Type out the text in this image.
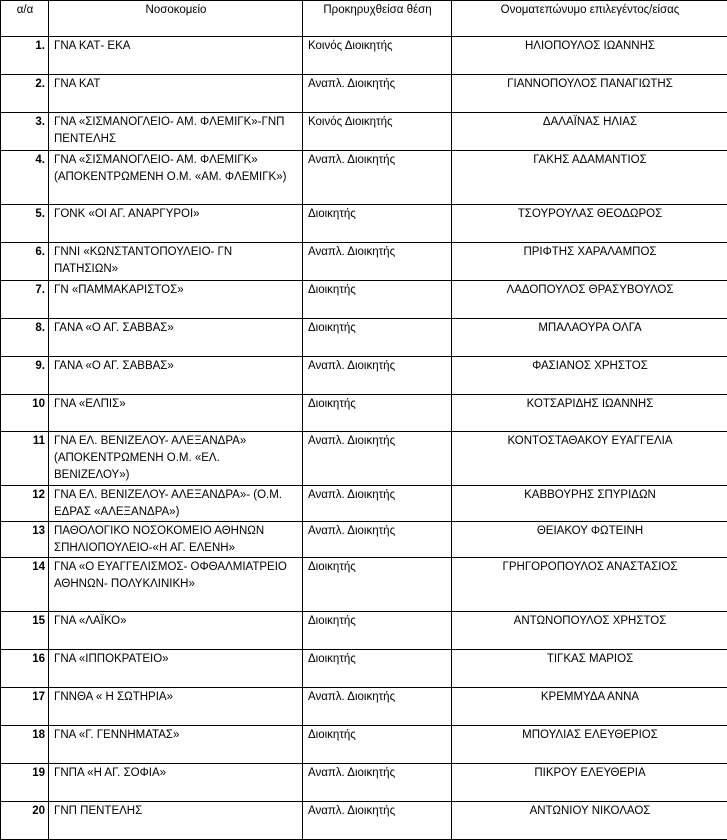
α/α	Νοσοκομείο	Προκηρυχθείσα θέση	Ονοματεπώνυμο επιλεγέντος/είσας
1.	ΓΝΑ ΚΑΤ- ΕΚΑ	Κοινός Διοικητής	ΗΛΙΟΠΟΥΛΟΣ ΙΩΑΝΝΗΣ
2.	ΓΝΑ ΚΑΤ	Αναπλ. Διοικητής	ΓΙΑΝΝΟΠΟΥΛΟΣ ΠΑΝΑΓΙΩΤΗΣ
3.	ΓΝΑ «ΣΙΣΜΑΝΟΓΛΕΙΟ- ΑΜ. ΦΛΕΜΙΓΚ»-ΓΝΠ ΠΕΝΤΕΛΗΣ	Κοινός Διοικητής	ΔΑΛΑΪΝΑΣ ΗΛΙΑΣ
4.	ΓΝΑ «ΣΙΣΜΑΝΟΓΛΕΙΟ- ΑΜ. ΦΛΕΜΙΓΚ» (ΑΠΟΚΕΝΤΡΩΜΕΝΗ Ο.Μ. «ΑΜ. ΦΛΕΜΙΓΚ»)	Αναπλ. Διοικητής	ΓΑΚΗΣ ΑΔΑΜΑΝΤΙΟΣ
5.	ΓΟΝΚ «ΟΙ ΑΓ. ΑΝΑΡΓΥΡΟΙ»	Διοικητής	ΤΣΟΥΡΟΥΛΑΣ ΘΕΟΔΩΡΟΣ
6.	ΓΝΝΙ «ΚΩΝΣΤΑΝΤΟΠΟΥΛΕΙΟ- ΓΝ ΠΑΤΗΣΙΩΝ»	Αναπλ. Διοικητής	ΠΡΙΦΤΗΣ ΧΑΡΑΛΑΜΠΟΣ
7.	ΓΝ «ΠΑΜΜΑΚΑΡΙΣΤΟΣ»	Διοικητής	ΛΑΔΟΠΟΥΛΟΣ ΘΡΑΣΥΒΟΥΛΟΣ
8.	ΓΑΝΑ «Ο ΑΓ. ΣΑΒΒΑΣ»	Διοικητής	ΜΠΑΛΑΟΥΡΑ ΟΛΓΑ
9.	ΓΑΝΑ «Ο ΑΓ. ΣΑΒΒΑΣ»	Αναπλ. Διοικητής	ΦΑΣΙΑΝΟΣ ΧΡΗΣΤΟΣ
10	ΓΝΑ «ΕΛΠΙΣ»	Διοικητής	ΚΟΤΣΑΡΙΔΗΣ ΙΩΑΝΝΗΣ
11	ΓΝΑ ΕΛ. ΒΕΝΙΖΕΛΟΥ- ΑΛΕΞΑΝΔΡΑ» (ΑΠΟΚΕΝΤΡΩΜΕΝΗ Ο.Μ. «ΕΛ. ΒΕΝΙΖΕΛΟΥ»)	Αναπλ. Διοικητής	ΚΟΝΤΟΣΤΑΘΑΚΟΥ ΕΥΑΓΓΕΛΙΑ
12	ΓΝΑ ΕΛ. ΒΕΝΙΖΕΛΟΥ- ΑΛΕΞΑΝΔΡΑ»- (Ο.Μ. ΕΔΡΑΣ «ΑΛΕΞΑΝΔΡΑ»)	Αναπλ. Διοικητής	ΚΑΒΒΟΥΡΗΣ ΣΠΥΡΙΔΩΝ
13	ΠΑΘΟΛΟΓΙΚΟ ΝΟΣΟΚΟΜΕΙΟ ΑΘΗΝΩΝ ΣΠΗΛΙΟΠΟΥΛΕΙΟ-«Η ΑΓ. ΕΛΕΝΗ»	Αναπλ. Διοικητής	ΘΕΙΑΚΟΥ ΦΩΤΕΙΝΗ
14	ΓΝΑ «Ο ΕΥΑΓΓΕΛΙΣΜΟΣ- ΟΦΘΑΛΜΙΑΤΡΕΙΟ ΑΘΗΝΩΝ- ΠΟΛΥΚΛΙΝΙΚΗ»	Διοικητής	ΓΡΗΓΟΡΟΠΟΥΛΟΣ ΑΝΑΣΤΑΣΙΟΣ
15	ΓΝΑ «ΛΑΪΚΟ»	Διοικητής	ΑΝΤΩΝΟΠΟΥΛΟΣ ΧΡΗΣΤΟΣ
16	ΓΝΑ «ΙΠΠΟΚΡΑΤΕΙΟ»	Διοικητής	ΤΙΓΚΑΣ ΜΑΡΙΟΣ
17	ΓΝΝΘΑ « Η ΣΩΤΗΡΙΑ»	Αναπλ. Διοικητής	ΚΡΕΜΜΥΔΑ ΑΝΝΑ
18	ΓΝΑ «Γ. ΓΕΝΝΗΜΑΤΑΣ»	Διοικητής	ΜΠΟΥΛΙΑΣ ΕΛΕΥΘΕΡΙΟΣ
19	ΓΝΠΑ «Η ΑΓ. ΣΟΦΙΑ»	Αναπλ. Διοικητής	ΠΙΚΡΟΥ ΕΛΕΥΘΕΡΙΑ
20	ΓΝΠ ΠΕΝΤΕΛΗΣ	Αναπλ. Διοικητής	ΑΝΤΩΝΙΟΥ ΝΙΚΟΛΑΟΣ
